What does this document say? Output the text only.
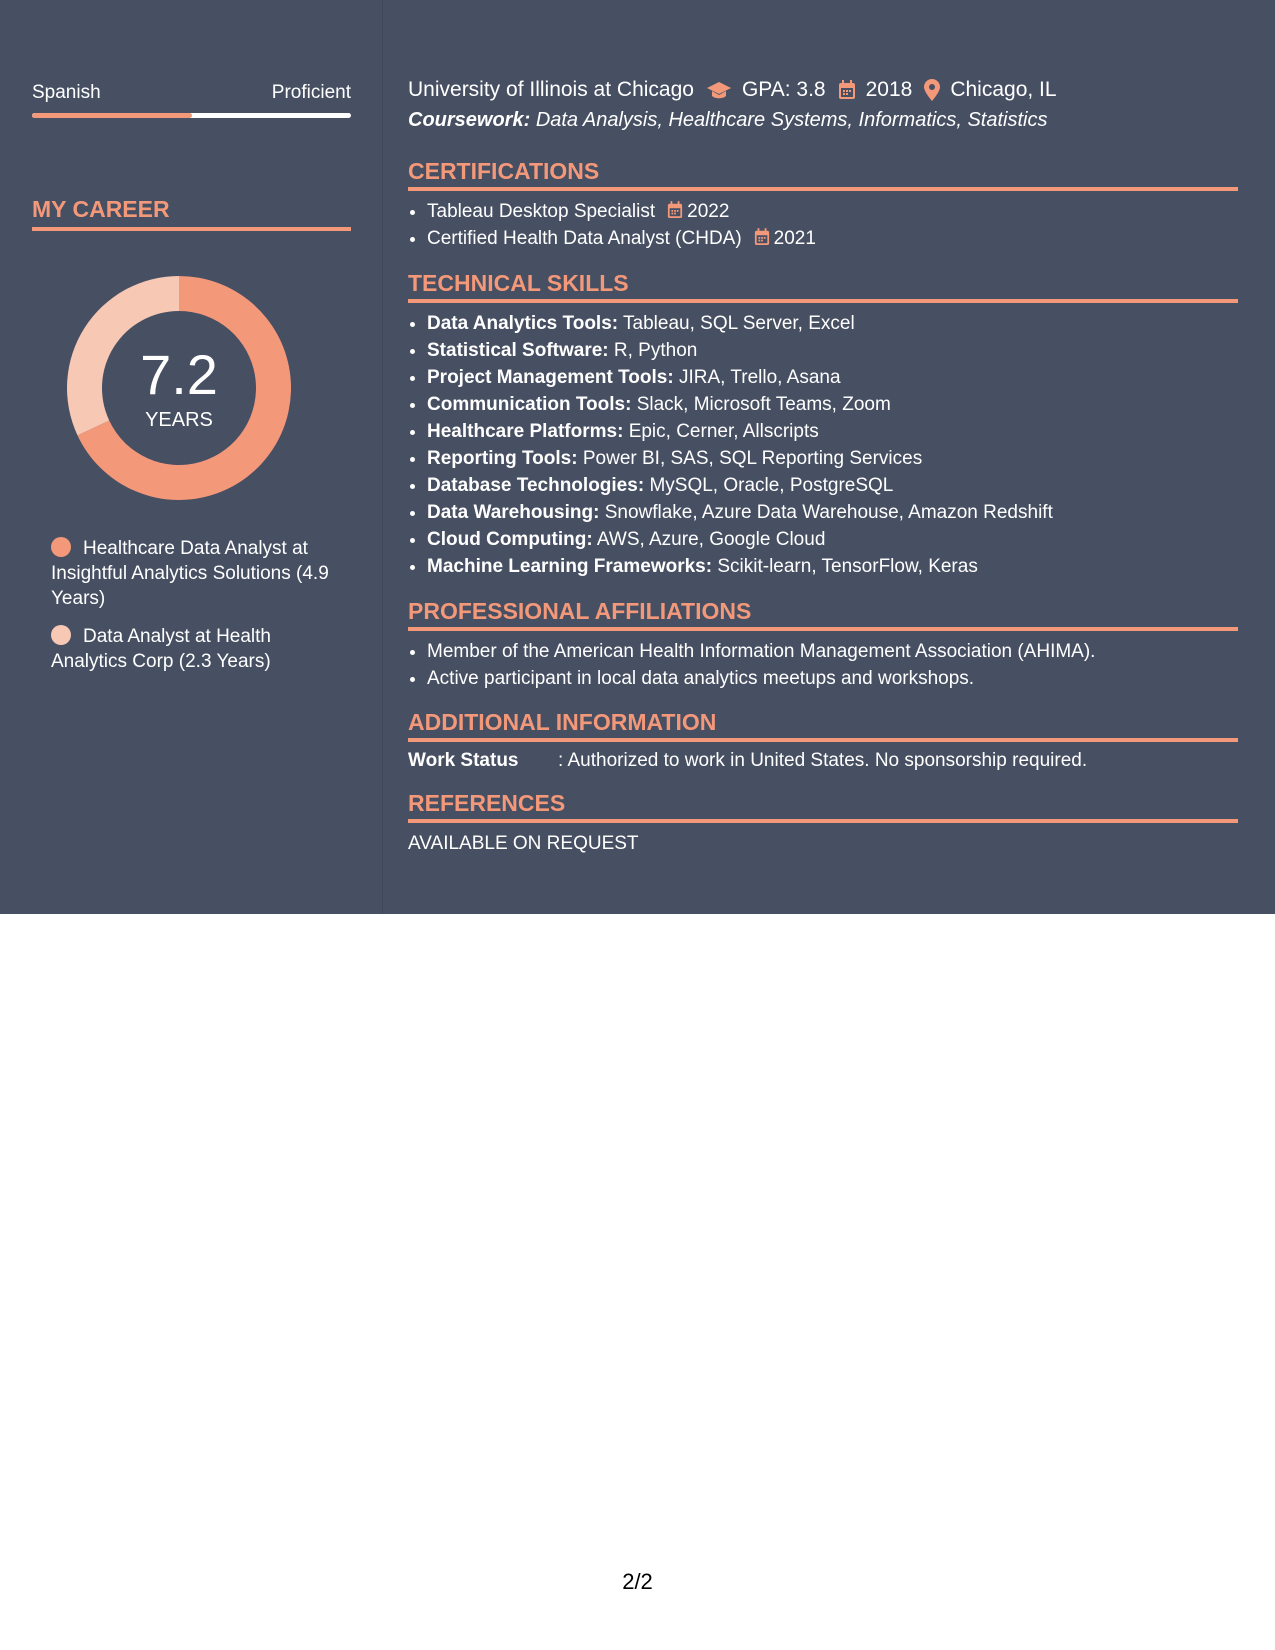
Spanish	Proficient
MY CAREER
7.2
YEARS
Healthcare Data Analyst at Insightful Analytics Solutions (4.9 Years)
Data Analyst at Health Analytics Corp (2.3 Years)
University of Illinois at Chicago GPA: 3.8 2018 Chicago, IL
Coursework: Data Analysis, Healthcare Systems, Informatics, Statistics
CERTIFICATIONS
• Tableau Desktop Specialist 2022
• Certified Health Data Analyst (CHDA) 2021
TECHNICAL SKILLS
• Data Analytics Tools: Tableau, SQL Server, Excel
• Statistical Software: R, Python
• Project Management Tools: JIRA, Trello, Asana
• Communication Tools: Slack, Microsoft Teams, Zoom
• Healthcare Platforms: Epic, Cerner, Allscripts
• Reporting Tools: Power BI, SAS, SQL Reporting Services
• Database Technologies: MySQL, Oracle, PostgreSQL
• Data Warehousing: Snowflake, Azure Data Warehouse, Amazon Redshift
• Cloud Computing: AWS, Azure, Google Cloud
• Machine Learning Frameworks: Scikit-learn, TensorFlow, Keras
PROFESSIONAL AFFILIATIONS
• Member of the American Health Information Management Association (AHIMA).
• Active participant in local data analytics meetups and workshops.
ADDITIONAL INFORMATION
Work Status	: Authorized to work in United States. No sponsorship required.
REFERENCES
AVAILABLE ON REQUEST
2/2
